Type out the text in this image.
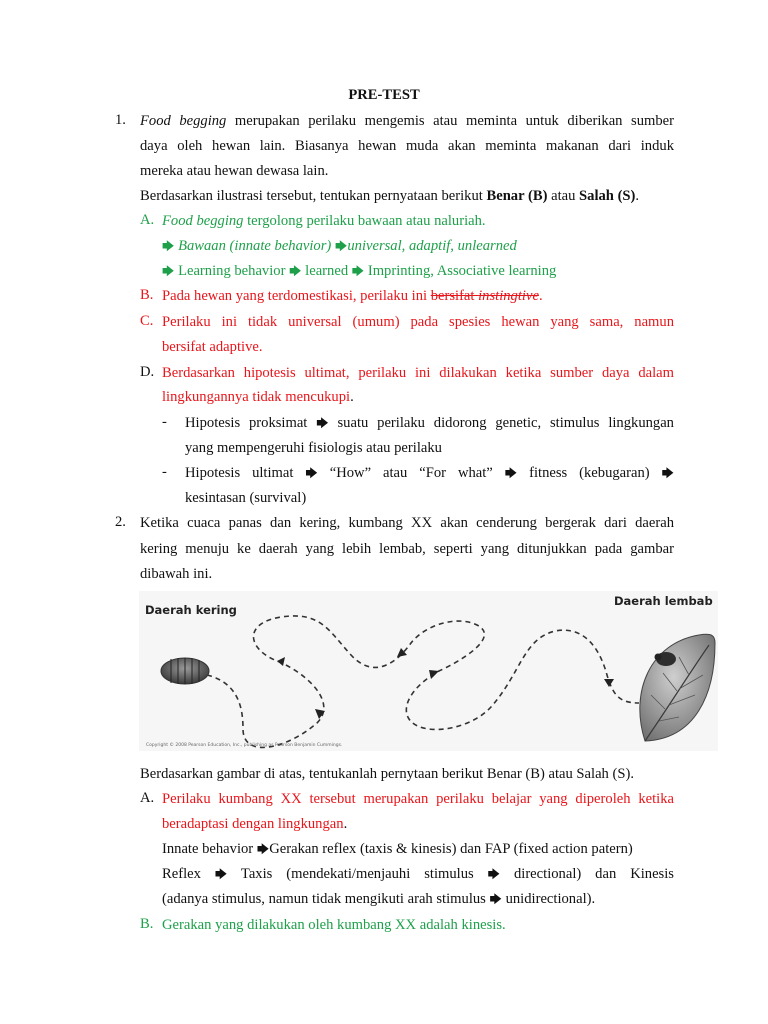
PRE-TEST
1. Food begging merupakan perilaku mengemis atau meminta untuk diberikan sumber
daya oleh hewan lain. Biasanya hewan muda akan meminta makanan dari induk
mereka atau hewan dewasa lain.
Berdasarkan ilustrasi tersebut, tentukan pernyataan berikut Benar (B) atau Salah (S).
A. Food begging tergolong perilaku bawaan atau naluriah.
🡆 Bawaan (innate behavior) 🡆universal, adaptif, unlearned
🡆 Learning behavior 🡆 learned 🡆 Imprinting, Associative learning
B. Pada hewan yang terdomestikasi, perilaku ini bersifat instingtive.
C. Perilaku ini tidak universal (umum) pada spesies hewan yang sama, namun
bersifat adaptive.
D. Berdasarkan hipotesis ultimat, perilaku ini dilakukan ketika sumber daya dalam
lingkungannya tidak mencukupi.
- Hipotesis proksimat 🡆 suatu perilaku didorong genetic, stimulus lingkungan
yang mempengeruhi fisiologis atau perilaku
- Hipotesis ultimat 🡆 “How” atau “For what” 🡆 fitness (kebugaran) 🡆
kesintasan (survival)
2. Ketika cuaca panas dan kering, kumbang XX akan cenderung bergerak dari daerah
kering menuju ke daerah yang lebih lembab, seperti yang ditunjukkan pada gambar
dibawah ini.
Daerah kering
Daerah lembab
Copyright © 2008 Pearson Education, Inc., publishing as Pearson Benjamin Cummings.
Berdasarkan gambar di atas, tentukanlah pernytaan berikut Benar (B) atau Salah (S).
A. Perilaku kumbang XX tersebut merupakan perilaku belajar yang diperoleh ketika
beradaptasi dengan lingkungan.
Innate behavior 🡆Gerakan reflex (taxis & kinesis) dan FAP (fixed action patern)
Reflex 🡆 Taxis (mendekati/menjauhi stimulus 🡆 directional) dan Kinesis
(adanya stimulus, namun tidak mengikuti arah stimulus 🡆 unidirectional).
B. Gerakan yang dilakukan oleh kumbang XX adalah kinesis.
